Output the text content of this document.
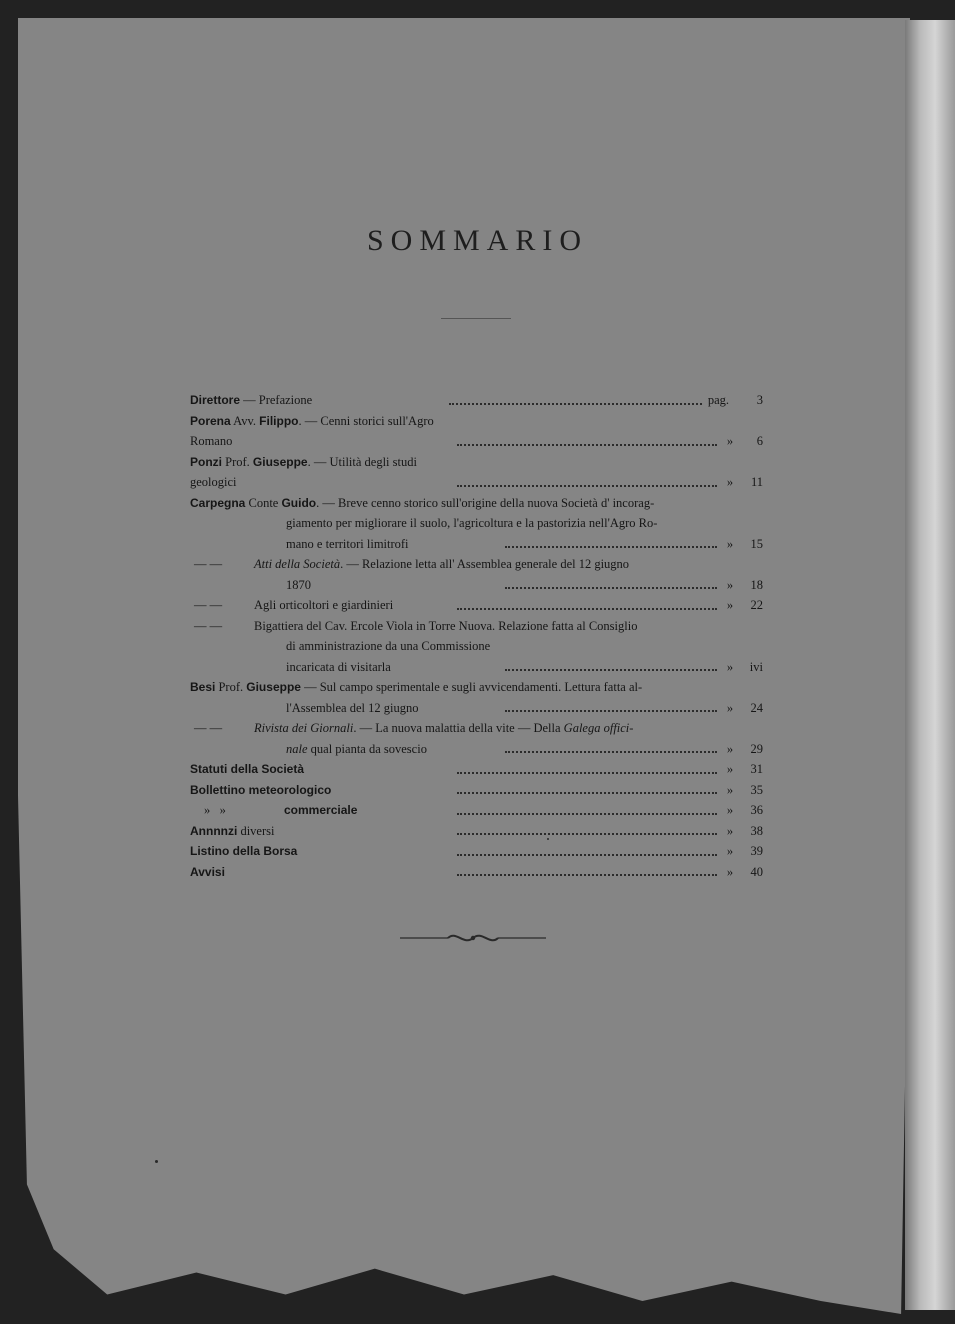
SOMMARIO
Direttore — Prefazione	pag.	3
Porena Avv. Filippo. — Cenni storici sull'Agro Romano	»	6
Ponzi Prof. Giuseppe. — Utilità degli studi geologici	»	11
Carpegna Conte Guido. — Breve cenno storico sull'origine della nuova Società d' incorag-
giamento per migliorare il suolo, l'agricoltura e la pastorizia nell'Agro Ro-
mano e territori limitrofi	»	15
— —	Atti della Società. — Relazione letta all' Assemblea generale del 12 giugno
1870	»	18
— —	Agli orticoltori e giardinieri	»	22
— —	Bigattiera del Cav. Ercole Viola in Torre Nuova. Relazione fatta al Consiglio
di amministrazione da una Commissione incaricata di visitarla	»	ivi
Besi Prof. Giuseppe — Sul campo sperimentale e sugli avvicendamenti. Lettura fatta al-
l'Assemblea del 12 giugno	»	24
— —	Rivista dei Giornali. — La nuova malattia della vite — Della Galega offici-
nale qual pianta da sovescio	»	29
Statuti della Società	»	31
Bollettino meteorologico	»	35
»   »	commerciale	»	36
Annnnzi diversi	»	38
Listino della Borsa	»	39
Avvisi	»	40
